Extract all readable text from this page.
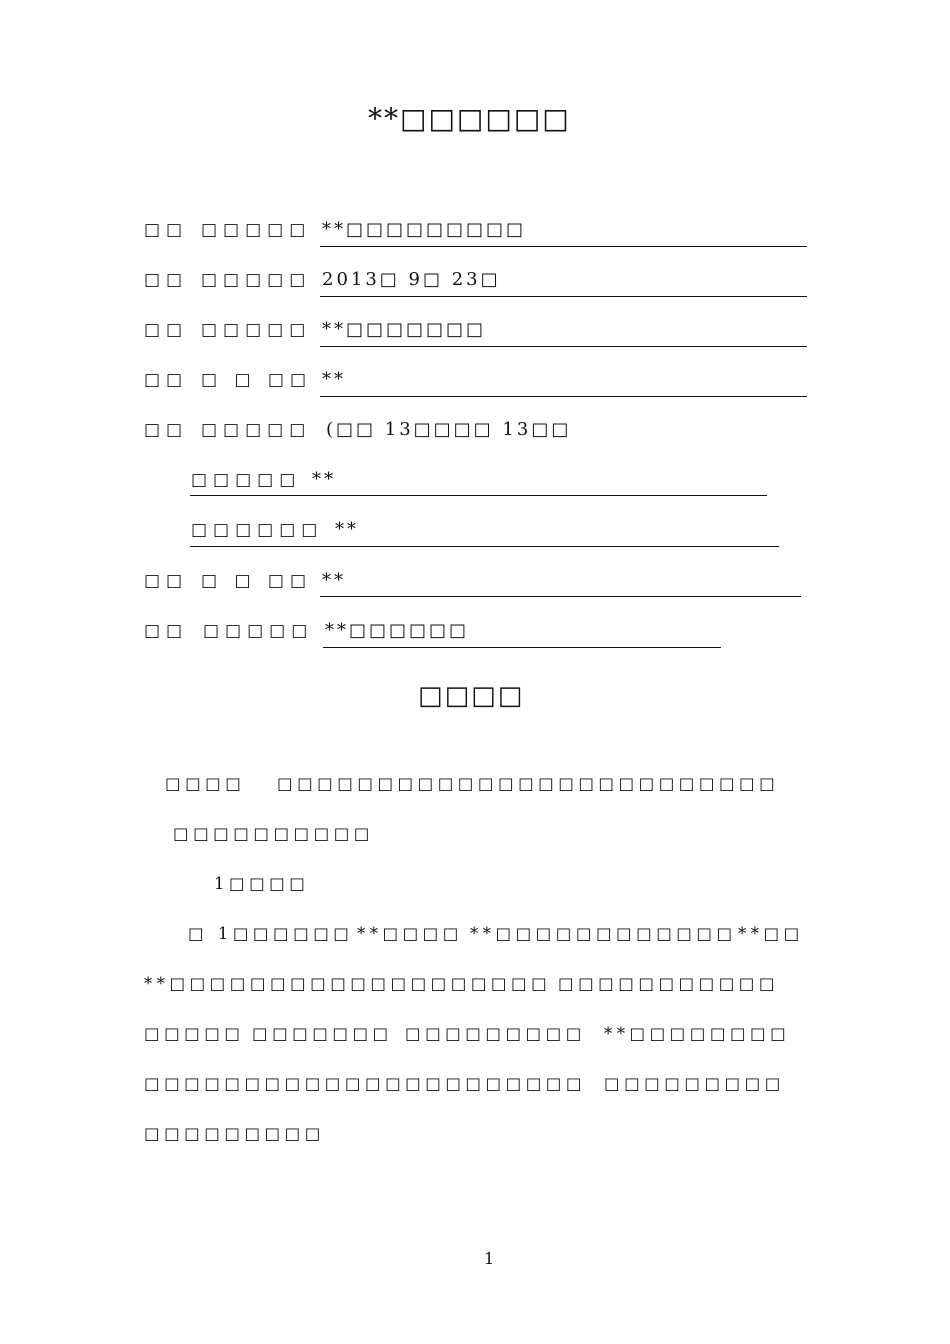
**□□□□□□
□□ □□□□□ **□□□□□□□□□
□□ □□□□□ 2013□ 9□ 23□
□□ □□□□□ **□□□□□□□
□□ □ □ □□ **
□□ □□□□□ (□□ 13□□□□ 13□□
□□□□□ **
□□□□□□ **
□□ □ □ □□ **
□□ □□□□□ **□□□□□□
□□□□
□□□□ □□□□□□□□□□□□□□□□□□□□□□□□□
□□□□□□□□□□
1□□□□
□ 1□□□□□□ **□□□□ **□□□□□□□□□□□□ **□□
**□□□□□□□□□□□□□□□□□□□ □□□□□□□□□□□
□□□□□ □□□□□□□ □□□□□□□□□ **□□□□□□□□
□□□□□□□□□□□□□□□□□□□□□□ □□□□□□□□□
□□□□□□□□□
1
